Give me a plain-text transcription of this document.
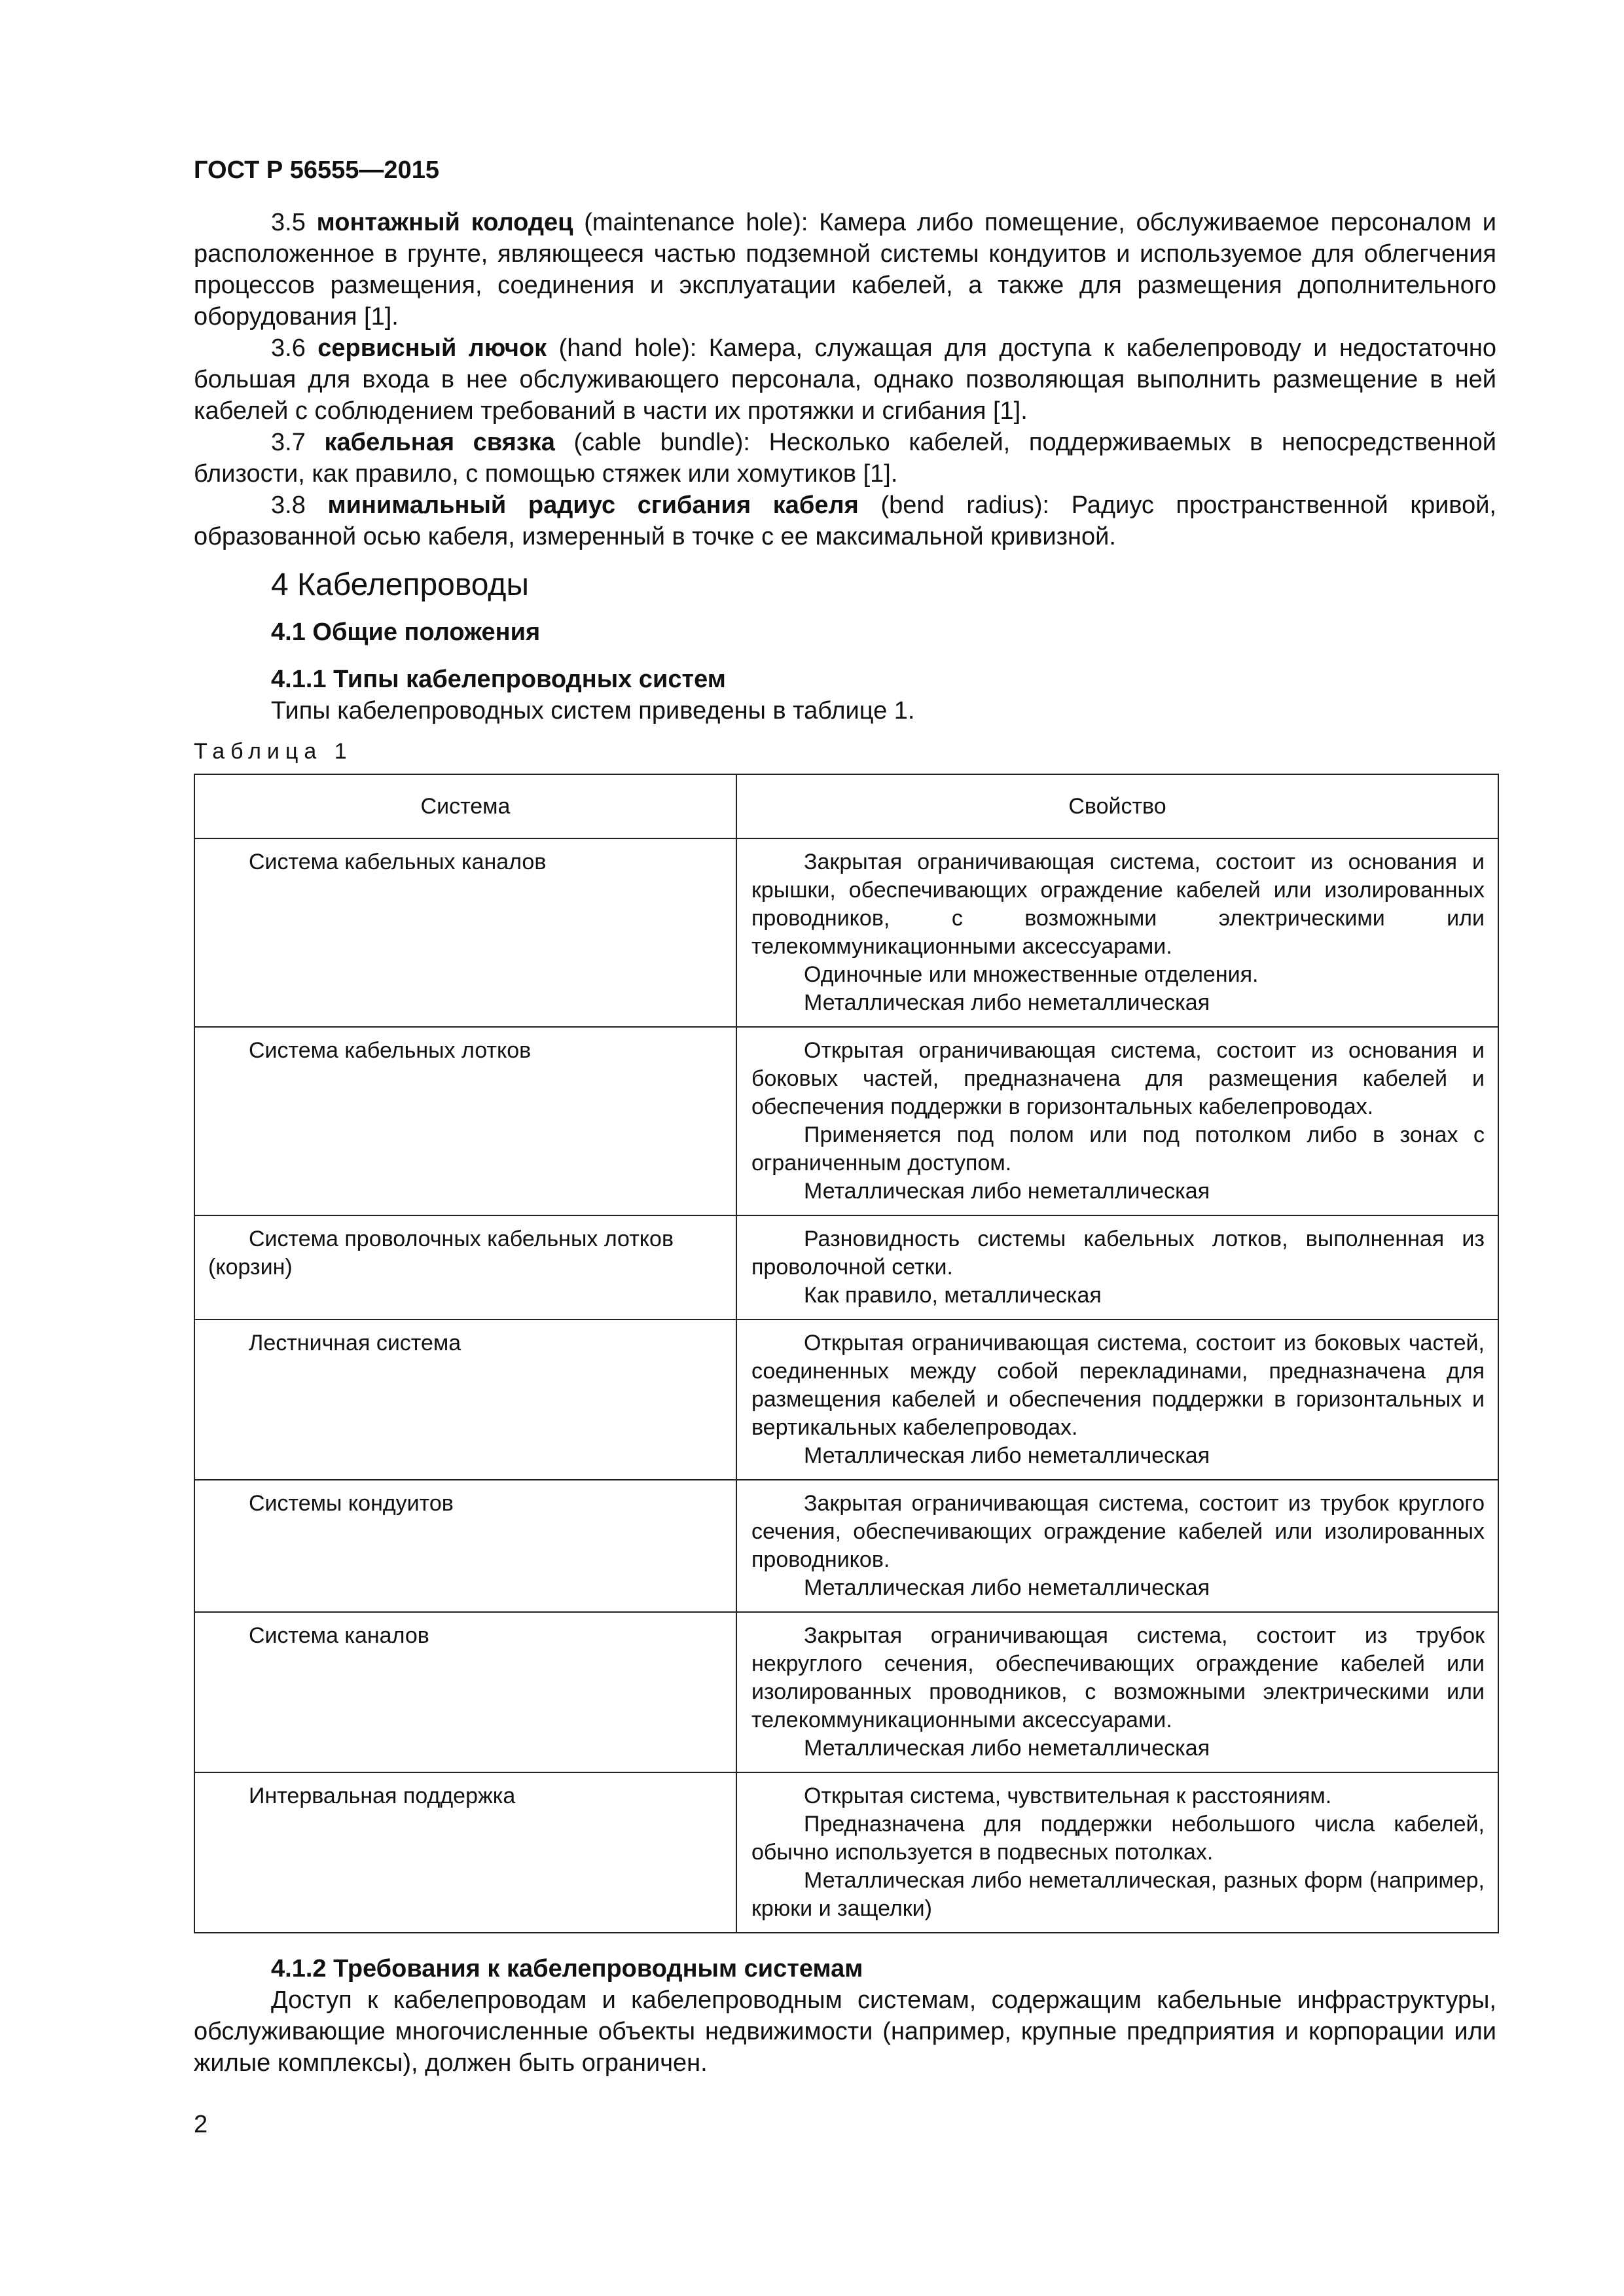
ГОСТ Р 56555—2015

3.5 монтажный колодец (maintenance hole): Камера либо помещение, обслуживаемое персоналом и расположенное в грунте, являющееся частью подземной системы кондуитов и используемое для облегчения процессов размещения, соединения и эксплуатации кабелей, а также для размещения дополнительного оборудования [1].

3.6 сервисный лючок (hand hole): Камера, служащая для доступа к кабелепроводу и недостаточно большая для входа в нее обслуживающего персонала, однако позволяющая выполнить размещение в ней кабелей с соблюдением требований в части их протяжки и сгибания [1].

3.7 кабельная связка (cable bundle): Несколько кабелей, поддерживаемых в непосредственной близости, как правило, с помощью стяжек или хомутиков [1].

3.8 минимальный радиус сгибания кабеля (bend radius): Радиус пространственной кривой, образованной осью кабеля, измеренный в точке с ее максимальной кривизной.

4 Кабелепроводы
4.1 Общие положения
4.1.1 Типы кабелепроводных систем

Типы кабелепроводных систем приведены в таблице 1.

Таблица 1
Система	Свойство
Система кабельных каналов	Закрытая ограничивающая система, состоит из основания и крышки, обеспечивающих ограждение кабелей или изолированных проводников, с возможными электрическими или телекоммуникационными аксессуарами.

Одиночные или множественные отделения.

Металлическая либо неметаллическая

Система кабельных лотков	Открытая ограничивающая система, состоит из основания и боковых частей, предназначена для размещения кабелей и обеспечения поддержки в горизонтальных кабелепроводах.

Применяется под полом или под потолком либо в зонах с ограниченным доступом.

Металлическая либо неметаллическая

Система проволочных кабельных лотков (корзин)	Разновидность системы кабельных лотков, выполненная из проволочной сетки.

Как правило, металлическая

Лестничная система	Открытая ограничивающая система, состоит из боковых частей, соединенных между собой перекладинами, предназначена для размещения кабелей и обеспечения поддержки в горизонтальных и вертикальных кабелепроводах.

Металлическая либо неметаллическая

Системы кондуитов	Закрытая ограничивающая система, состоит из трубок круглого сечения, обеспечивающих ограждение кабелей или изолированных проводников.

Металлическая либо неметаллическая

Система каналов	Закрытая ограничивающая система, состоит из трубок некруглого сечения, обеспечивающих ограждение кабелей или изолированных проводников, с возможными электрическими или телекоммуникационными аксессуарами.

Металлическая либо неметаллическая

Интервальная поддержка	Открытая система, чувствительная к расстояниям.

Предназначена для поддержки небольшого числа кабелей, обычно используется в подвесных потолках.

Металлическая либо неметаллическая, разных форм (например, крюки и защелки)

4.1.2 Требования к кабелепроводным системам

Доступ к кабелепроводам и кабелепроводным системам, содержащим кабельные инфраструктуры, обслуживающие многочисленные объекты недвижимости (например, крупные предприятия и корпорации или жилые комплексы), должен быть ограничен.

2
